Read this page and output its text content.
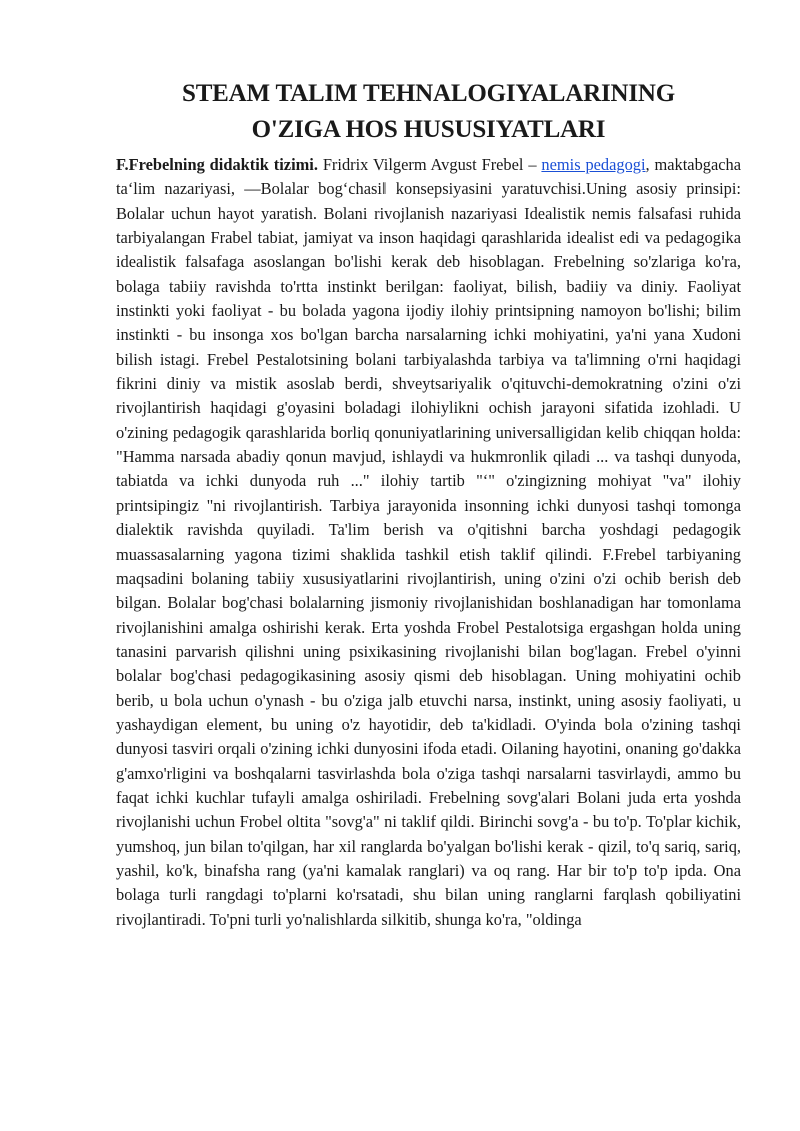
STEAM TALIM TEHNALOGIYALARINING
O'ZIGA HOS HUSUSIYATLARI

F.Frebelning didaktik tizimi. Fridrix Vilgerm Avgust Frebel – nemis pedagogi, maktabgacha ta‘lim nazariyasi, ―Bolalar bog‘chasi‖ konsepsiyasini yaratuvchisi.Uning asosiy prinsipi: Bolalar uchun hayot yaratish. Bolani rivojlanish nazariyasi Idealistik nemis falsafasi ruhida tarbiyalangan Frabel tabiat, jamiyat va inson haqidagi qarashlarida idealist edi va pedagogika idealistik falsafaga asoslangan bo'lishi kerak deb hisoblagan. Frebelning so'zlariga ko'ra, bolaga tabiiy ravishda to'rtta instinkt berilgan: faoliyat, bilish, badiiy va diniy. Faoliyat instinkti yoki faoliyat - bu bolada yagona ijodiy ilohiy printsipning namoyon bo'lishi; bilim instinkti - bu insonga xos bo'lgan barcha narsalarning ichki mohiyatini, ya'ni yana Xudoni bilish istagi. Frebel Pestalotsining bolani tarbiyalashda tarbiya va ta'limning o'rni haqidagi fikrini diniy va mistik asoslab berdi, shveytsariyalik o'qituvchi-demokratning o'zini o'zi rivojlantirish haqidagi g'oyasini boladagi ilohiylikni ochish jarayoni sifatida izohladi. U o'zining pedagogik qarashlarida borliq qonuniyatlarining universalligidan kelib chiqqan holda: "Hamma narsada abadiy qonun mavjud, ishlaydi va hukmronlik qiladi ... va tashqi dunyoda, tabiatda va ichki dunyoda ruh ..." ilohiy tartib "‘" o'zingizning mohiyat "va" ilohiy printsipingiz "ni rivojlantirish. Tarbiya jarayonida insonning ichki dunyosi tashqi tomonga dialektik ravishda quyiladi. Ta'lim berish va o'qitishni barcha yoshdagi pedagogik muassasalarning yagona tizimi shaklida tashkil etish taklif qilindi. F.Frebel tarbiyaning maqsadini bolaning tabiiy xususiyatlarini rivojlantirish, uning o'zini o'zi ochib berish deb bilgan. Bolalar bog'chasi bolalarning jismoniy rivojlanishidan boshlanadigan har tomonlama rivojlanishini amalga oshirishi kerak. Erta yoshda Frobel Pestalotsiga ergashgan holda uning tanasini parvarish qilishni uning psixikasining rivojlanishi bilan bog'lagan. Frebel o'yinni bolalar bog'chasi pedagogikasining asosiy qismi deb hisoblagan. Uning mohiyatini ochib berib, u bola uchun o'ynash - bu o'ziga jalb etuvchi narsa, instinkt, uning asosiy faoliyati, u yashaydigan element, bu uning o'z hayotidir, deb ta'kidladi. O'yinda bola o'zining tashqi dunyosi tasviri orqali o'zining ichki dunyosini ifoda etadi. Oilaning hayotini, onaning go'dakka g'amxo'rligini va boshqalarni tasvirlashda bola o'ziga tashqi narsalarni tasvirlaydi, ammo bu faqat ichki kuchlar tufayli amalga oshiriladi. Frebelning sovg'alari Bolani juda erta yoshda rivojlanishi uchun Frobel oltita "sovg'a" ni taklif qildi. Birinchi sovg'a - bu to'p. To'plar kichik, yumshoq, jun bilan to'qilgan, har xil ranglarda bo'yalgan bo'lishi kerak - qizil, to'q sariq, sariq, yashil, ko'k, binafsha rang (ya'ni kamalak ranglari) va oq rang. Har bir to'p to'p ipda. Ona bolaga turli rangdagi to'plarni ko'rsatadi, shu bilan uning ranglarni farqlash qobiliyatini rivojlantiradi. To'pni turli yo'nalishlarda silkitib, shunga ko'ra, "oldinga
